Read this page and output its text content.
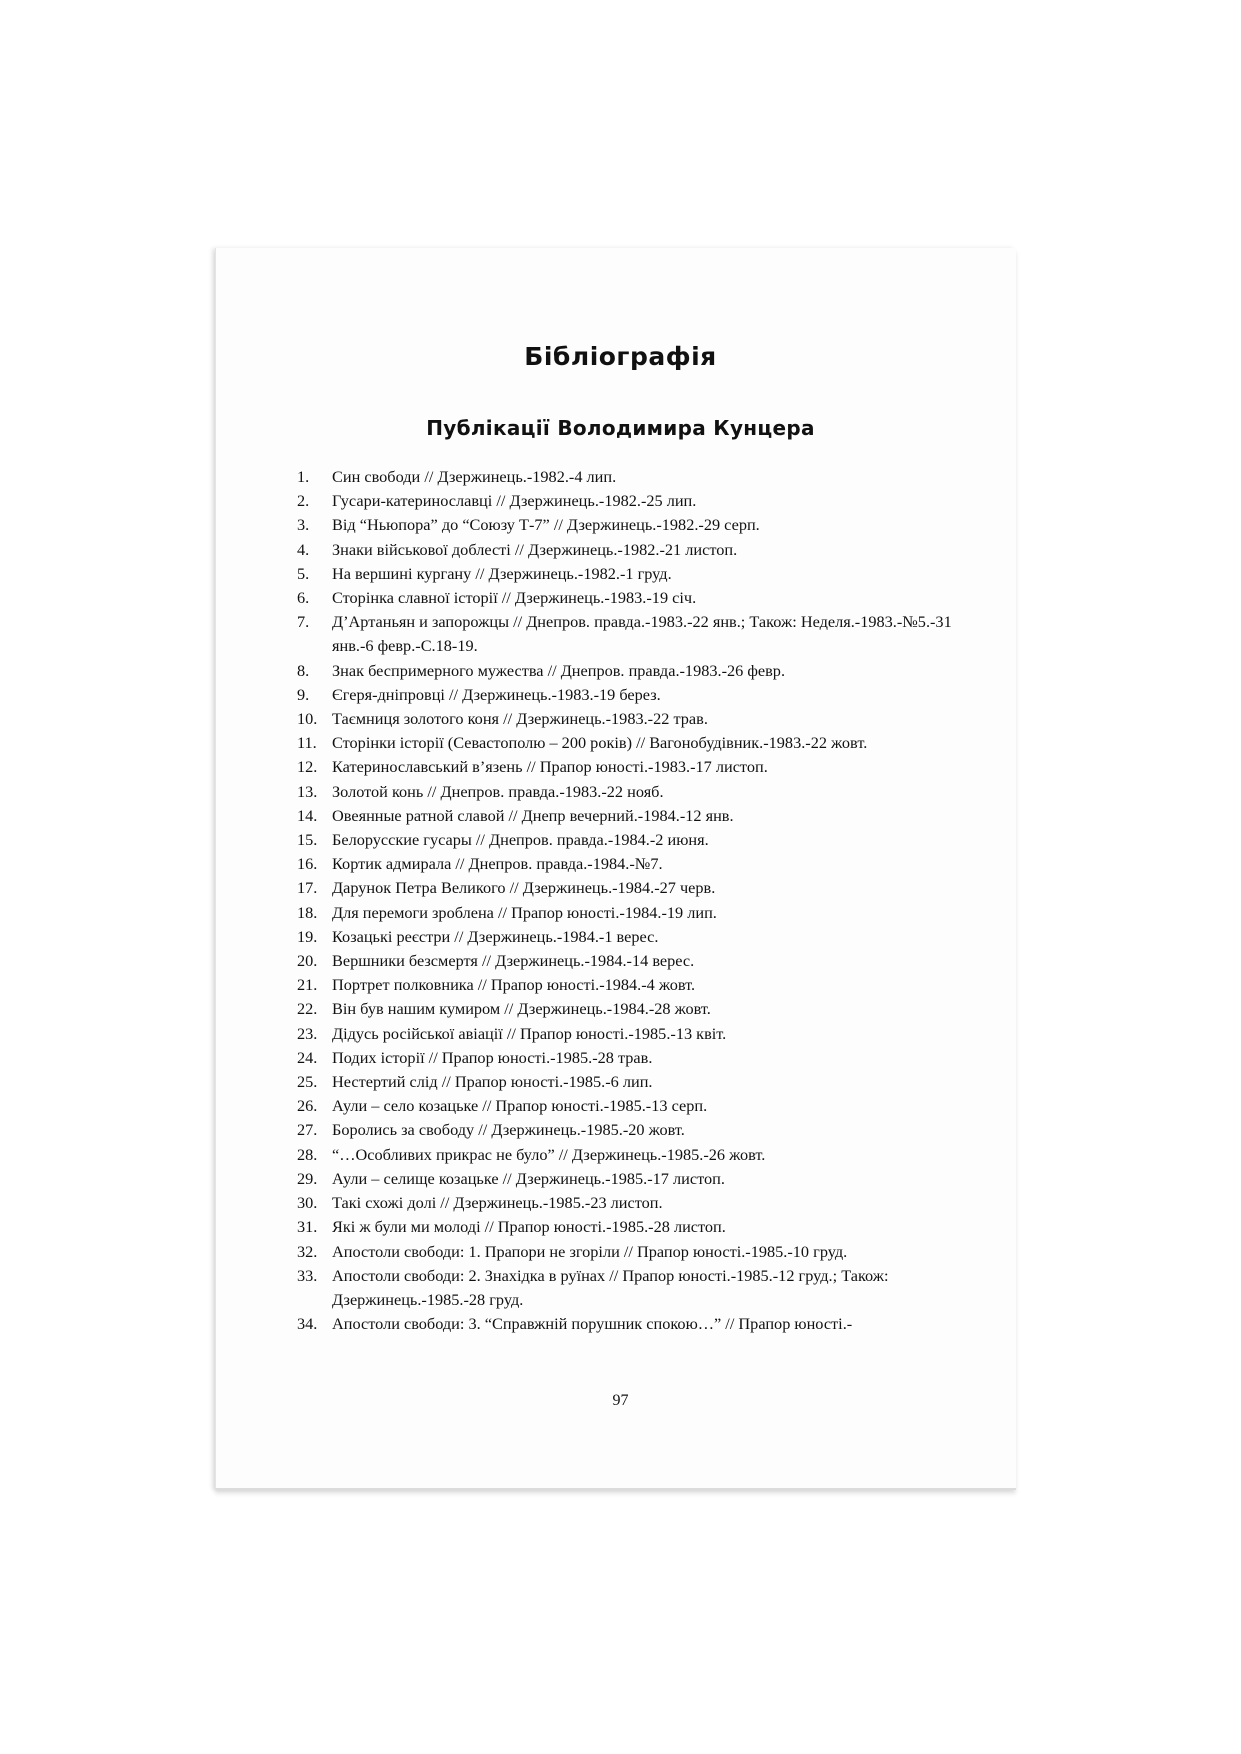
Бібліографія
Публікації Володимира Кунцера
1. Син свободи // Дзержинець.-1982.-4 лип.
2. Гусари-катеринославці // Дзержинець.-1982.-25 лип.
3. Від “Ньюпора” до “Союзу Т-7” // Дзержинець.-1982.-29 серп.
4. Знаки військової доблесті // Дзержинець.-1982.-21 листоп.
5. На вершині кургану // Дзержинець.-1982.-1 груд.
6. Сторінка славної історії // Дзержинець.-1983.-19 січ.
7. Д’Артаньян и запорожцы // Днепров. правда.-1983.-22 янв.; Також: Неделя.-1983.-№5.-31 янв.-6 февр.-С.18-19.
8. Знак беспримерного мужества // Днепров. правда.-1983.-26 февр.
9. Єгеря-дніпровці // Дзержинець.-1983.-19 берез.
10. Таємниця золотого коня // Дзержинець.-1983.-22 трав.
11. Сторінки історії (Севастополю – 200 років) // Вагонобудівник.-1983.-22 жовт.
12. Катеринославський в’язень // Прапор юності.-1983.-17 листоп.
13. Золотой конь // Днепров. правда.-1983.-22 нояб.
14. Овеянные ратной славой // Днепр вечерний.-1984.-12 янв.
15. Белорусские гусары // Днепров. правда.-1984.-2 июня.
16. Кортик адмирала // Днепров. правда.-1984.-№7.
17. Дарунок Петра Великого // Дзержинець.-1984.-27 черв.
18. Для перемоги зроблена // Прапор юності.-1984.-19 лип.
19. Козацькі реєстри // Дзержинець.-1984.-1 верес.
20. Вершники безсмертя // Дзержинець.-1984.-14 верес.
21. Портрет полковника // Прапор юності.-1984.-4 жовт.
22. Він був нашим кумиром // Дзержинець.-1984.-28 жовт.
23. Дідусь російської авіації // Прапор юності.-1985.-13 квіт.
24. Подих історії // Прапор юності.-1985.-28 трав.
25. Нестертий слід // Прапор юності.-1985.-6 лип.
26. Аули – село козацьке // Прапор юності.-1985.-13 серп.
27. Боролись за свободу // Дзержинець.-1985.-20 жовт.
28. “…Особливих прикрас не було” // Дзержинець.-1985.-26 жовт.
29. Аули – селище козацьке // Дзержинець.-1985.-17 листоп.
30. Такі схожі долі // Дзержинець.-1985.-23 листоп.
31. Які ж були ми молоді // Прапор юності.-1985.-28 листоп.
32. Апостоли свободи: 1. Прапори не згоріли // Прапор юності.-1985.-10 груд.
33. Апостоли свободи: 2. Знахідка в руїнах // Прапор юності.-1985.-12 груд.; Також: Дзержинець.-1985.-28 груд.
34. Апостоли свободи: 3. “Справжній порушник спокою…” // Прапор юності.-
97
